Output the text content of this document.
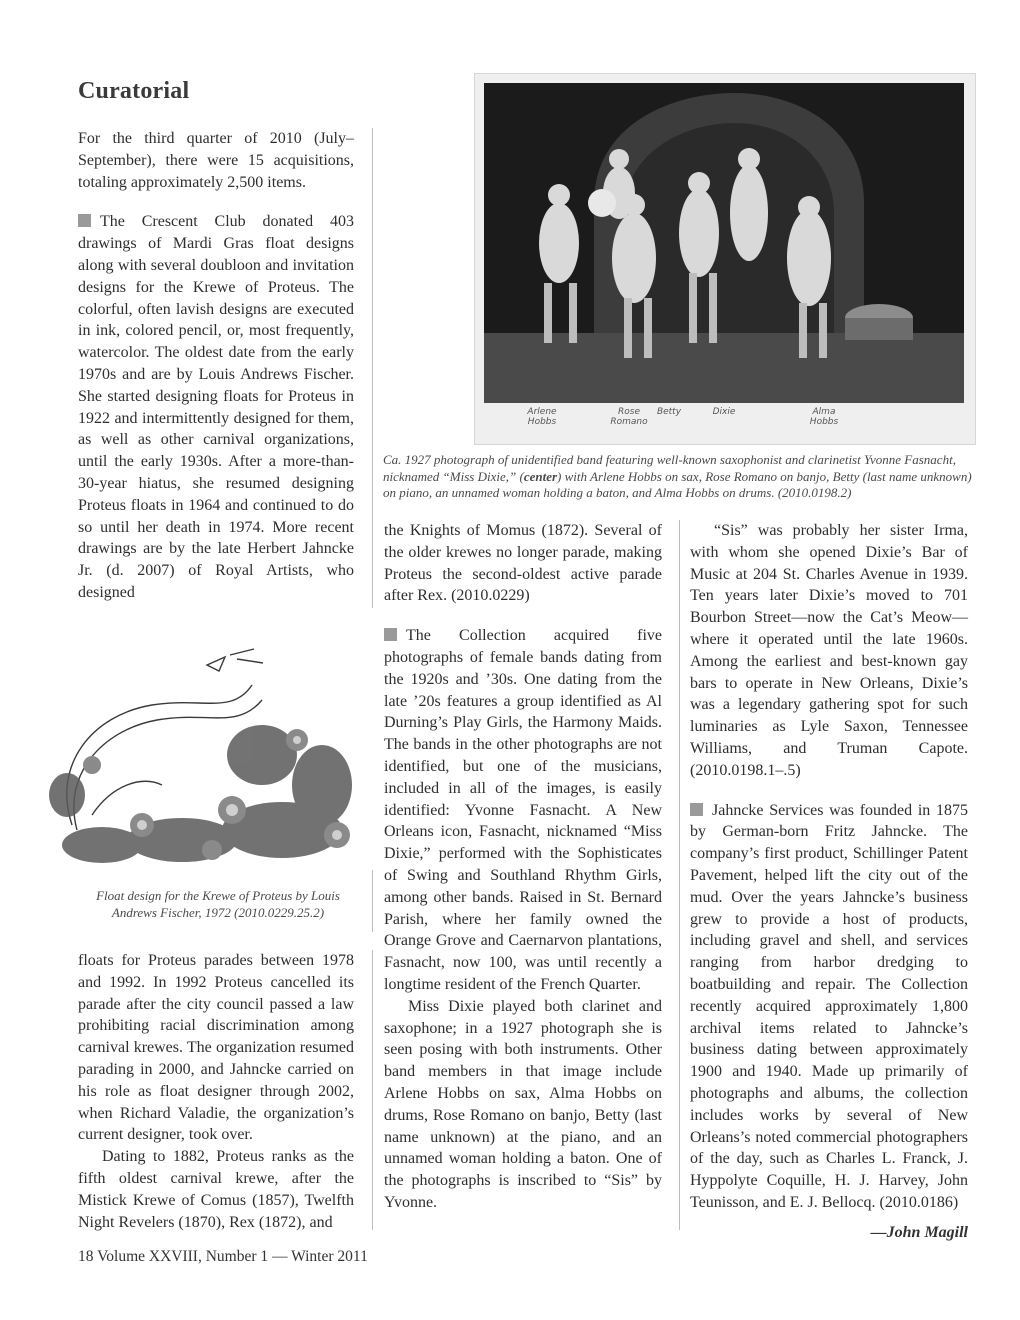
Curatorial

For the third quarter of 2010 (July–September), there were 15 acquisitions, totaling approximately 2,500 items.

The Crescent Club donated 403 drawings of Mardi Gras float designs along with several doubloon and invitation designs for the Krewe of Proteus. The colorful, often lavish designs are executed in ink, colored pencil, or, most frequently, watercolor. The oldest date from the early 1970s and are by Louis Andrews Fischer. She started designing floats for Proteus in 1922 and intermittently designed for them, as well as other carnival organizations, until the early 1930s. After a more-than-30-year hiatus, she resumed designing Proteus floats in 1964 and continued to do so until her death in 1974. More recent drawings are by the late Herbert Jahncke Jr. (d. 2007) of Royal Artists, who designed

Float design for the Krewe of Proteus by Louis Andrews Fischer, 1972 (2010.0229.25.2)

floats for Proteus parades between 1978 and 1992. In 1992 Proteus cancelled its parade after the city council passed a law prohibiting racial discrimination among carnival krewes. The organization resumed parading in 2000, and Jahncke carried on his role as float designer through 2002, when Richard Valadie, the organization’s current designer, took over.

Dating to 1882, Proteus ranks as the fifth oldest carnival krewe, after the Mistick Krewe of Comus (1857), Twelfth Night Revelers (1870), Rex (1872), and

Arlene Hobbs
Rose Romano
Betty	Dixie	Alma Hobbs
Ca. 1927 photograph of unidentified band featuring well-known saxophonist and clarinetist Yvonne Fasnacht, nicknamed “Miss Dixie,” (center) with Arlene Hobbs on sax, Rose Romano on banjo, Betty (last name unknown) on piano, an unnamed woman holding a baton, and Alma Hobbs on drums. (2010.0198.2)

the Knights of Momus (1872). Several of the older krewes no longer parade, making Proteus the second-oldest active parade after Rex. (2010.0229)

The Collection acquired five photographs of female bands dating from the 1920s and ’30s. One dating from the late ’20s features a group identified as Al Durning’s Play Girls, the Harmony Maids. The bands in the other photographs are not identified, but one of the musicians, included in all of the images, is easily identified: Yvonne Fasnacht. A New Orleans icon, Fasnacht, nicknamed “Miss Dixie,” performed with the Sophisticates of Swing and Southland Rhythm Girls, among other bands. Raised in St. Bernard Parish, where her family owned the Orange Grove and Caernarvon plantations, Fasnacht, now 100, was until recently a longtime resident of the French Quarter.

Miss Dixie played both clarinet and saxophone; in a 1927 photograph she is seen posing with both instruments. Other band members in that image include Arlene Hobbs on sax, Alma Hobbs on drums, Rose Romano on banjo, Betty (last name unknown) at the piano, and an unnamed woman holding a baton. One of the photographs is inscribed to “Sis” by Yvonne.

“Sis” was probably her sister Irma, with whom she opened Dixie’s Bar of Music at 204 St. Charles Avenue in 1939. Ten years later Dixie’s moved to 701 Bourbon Street—now the Cat’s Meow—where it operated until the late 1960s. Among the earliest and best-known gay bars to operate in New Orleans, Dixie’s was a legendary gathering spot for such luminaries as Lyle Saxon, Tennessee Williams, and Truman Capote. (2010.0198.1–.5)

Jahncke Services was founded in 1875 by German-born Fritz Jahncke. The company’s first product, Schillinger Patent Pavement, helped lift the city out of the mud. Over the years Jahncke’s business grew to provide a host of products, including gravel and shell, and services ranging from harbor dredging to boatbuilding and repair. The Collection recently acquired approximately 1,800 archival items related to Jahncke’s business dating between approximately 1900 and 1940. Made up primarily of photographs and albums, the collection includes works by several of New Orleans’s noted commercial photographers of the day, such as Charles L. Franck, J. Hyppolyte Coquille, H. J. Harvey, John Teunisson, and E. J. Bellocq. (2010.0186)

—John Magill
18 Volume XXVIII, Number 1 — Winter 2011
